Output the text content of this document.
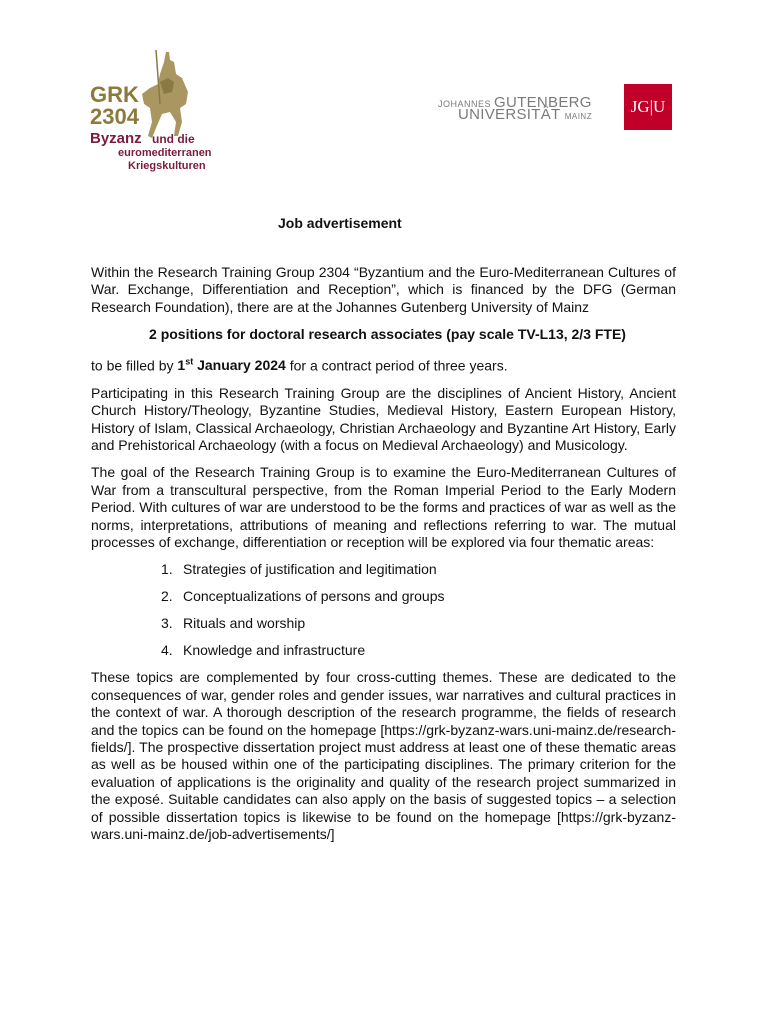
GRK
2304
Byzanz und die
euromediterranen
Kriegskulturen
JOHANNES GUTENBERG
UNIVERSITÄT MAINZ
JG|U
Job advertisement

Within the Research Training Group 2304 “Byzantium and the Euro-Mediterranean Cultures of War. Exchange, Differentiation and Reception”, which is financed by the DFG (German Research Foundation), there are at the Johannes Gutenberg University of Mainz

2 positions for doctoral research associates (pay scale TV-L13, 2/3 FTE)

to be filled by 1st January 2024 for a contract period of three years.

Participating in this Research Training Group are the disciplines of Ancient History, Ancient Church History/Theology, Byzantine Studies, Medieval History, Eastern European History, History of Islam, Classical Archaeology, Christian Archaeology and Byzantine Art History, Early and Prehistorical Archaeology (with a focus on Medieval Archaeology) and Musicology.

The goal of the Research Training Group is to examine the Euro-Mediterranean Cultures of War from a transcultural perspective, from the Roman Imperial Period to the Early Modern Period. With cultures of war are understood to be the forms and practices of war as well as the norms, interpretations, attributions of meaning and reflections referring to war. The mutual processes of exchange, differentiation or reception will be explored via four thematic areas:

1. Strategies of justification and legitimation
2. Conceptualizations of persons and groups
3. Rituals and worship
4. Knowledge and infrastructure

These topics are complemented by four cross-cutting themes. These are dedicated to the consequences of war, gender roles and gender issues, war narratives and cultural practices in the context of war. A thorough description of the research programme, the fields of research and the topics can be found on the homepage [https://grk-byzanz-wars.uni-mainz.de/research-fields/]. The prospective dissertation project must address at least one of these thematic areas as well as be housed within one of the participating disciplines. The primary criterion for the evaluation of applications is the originality and quality of the research project summarized in the exposé. Suitable candidates can also apply on the basis of suggested topics – a selection of possible dissertation topics is likewise to be found on the homepage [https://grk-byzanz-wars.uni-mainz.de/job-advertisements/]
